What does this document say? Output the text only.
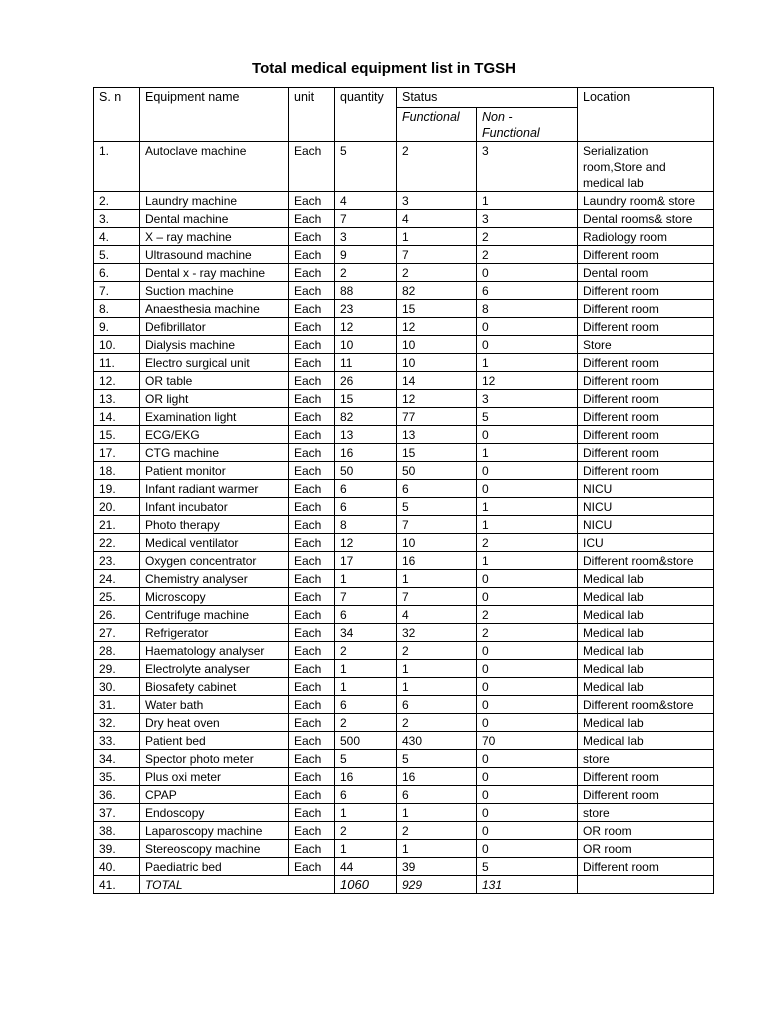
Total medical equipment list in TGSH
S. n	Equipment name	unit	quantity	Status		Location
				Functional	Non - Functional	
1.	Autoclave machine	Each	5	2	3	Serialization room,Store and medical lab
2.	Laundry machine	Each	4	3	1	Laundry room& store
3.	Dental machine	Each	7	4	3	Dental rooms& store
4.	X – ray machine	Each	3	1	2	Radiology room
5.	Ultrasound machine	Each	9	7	2	Different room
6.	Dental x - ray machine	Each	2	2	0	Dental room
7.	Suction machine	Each	88	82	6	Different room
8.	Anaesthesia machine	Each	23	15	8	Different room
9.	Defibrillator	Each	12	12	0	Different room
10.	Dialysis machine	Each	10	10	0	Store
11.	Electro surgical unit	Each	11	10	1	Different room
12.	OR table	Each	26	14	12	Different room
13.	OR light	Each	15	12	3	Different room
14.	Examination light	Each	82	77	5	Different room
15.	ECG/EKG	Each	13	13	0	Different room
17.	CTG machine	Each	16	15	1	Different room
18.	Patient monitor	Each	50	50	0	Different room
19.	Infant radiant warmer	Each	6	6	0	NICU
20.	Infant incubator	Each	6	5	1	NICU
21.	Photo therapy	Each	8	7	1	NICU
22.	Medical ventilator	Each	12	10	2	ICU
23.	Oxygen concentrator	Each	17	16	1	Different room&store
24.	Chemistry analyser	Each	1	1	0	Medical lab
25.	Microscopy	Each	7	7	0	Medical lab
26.	Centrifuge machine	Each	6	4	2	Medical lab
27.	Refrigerator	Each	34	32	2	Medical lab
28.	Haematology analyser	Each	2	2	0	Medical lab
29.	Electrolyte analyser	Each	1	1	0	Medical lab
30.	Biosafety cabinet	Each	1	1	0	Medical lab
31.	Water bath	Each	6	6	0	Different room&store
32.	Dry heat oven	Each	2	2	0	Medical lab
33.	Patient bed	Each	500	430	70	Medical lab
34.	Spector photo meter	Each	5	5	0	store
35.	Plus oxi meter	Each	16	16	0	Different room
36.	CPAP	Each	6	6	0	Different room
37.	Endoscopy	Each	1	1	0	store
38.	Laparoscopy machine	Each	2	2	0	OR room
39.	Stereoscopy machine	Each	1	1	0	OR room
40.	Paediatric bed	Each	44	39	5	Different room
41.	TOTAL		1060	929	131	
